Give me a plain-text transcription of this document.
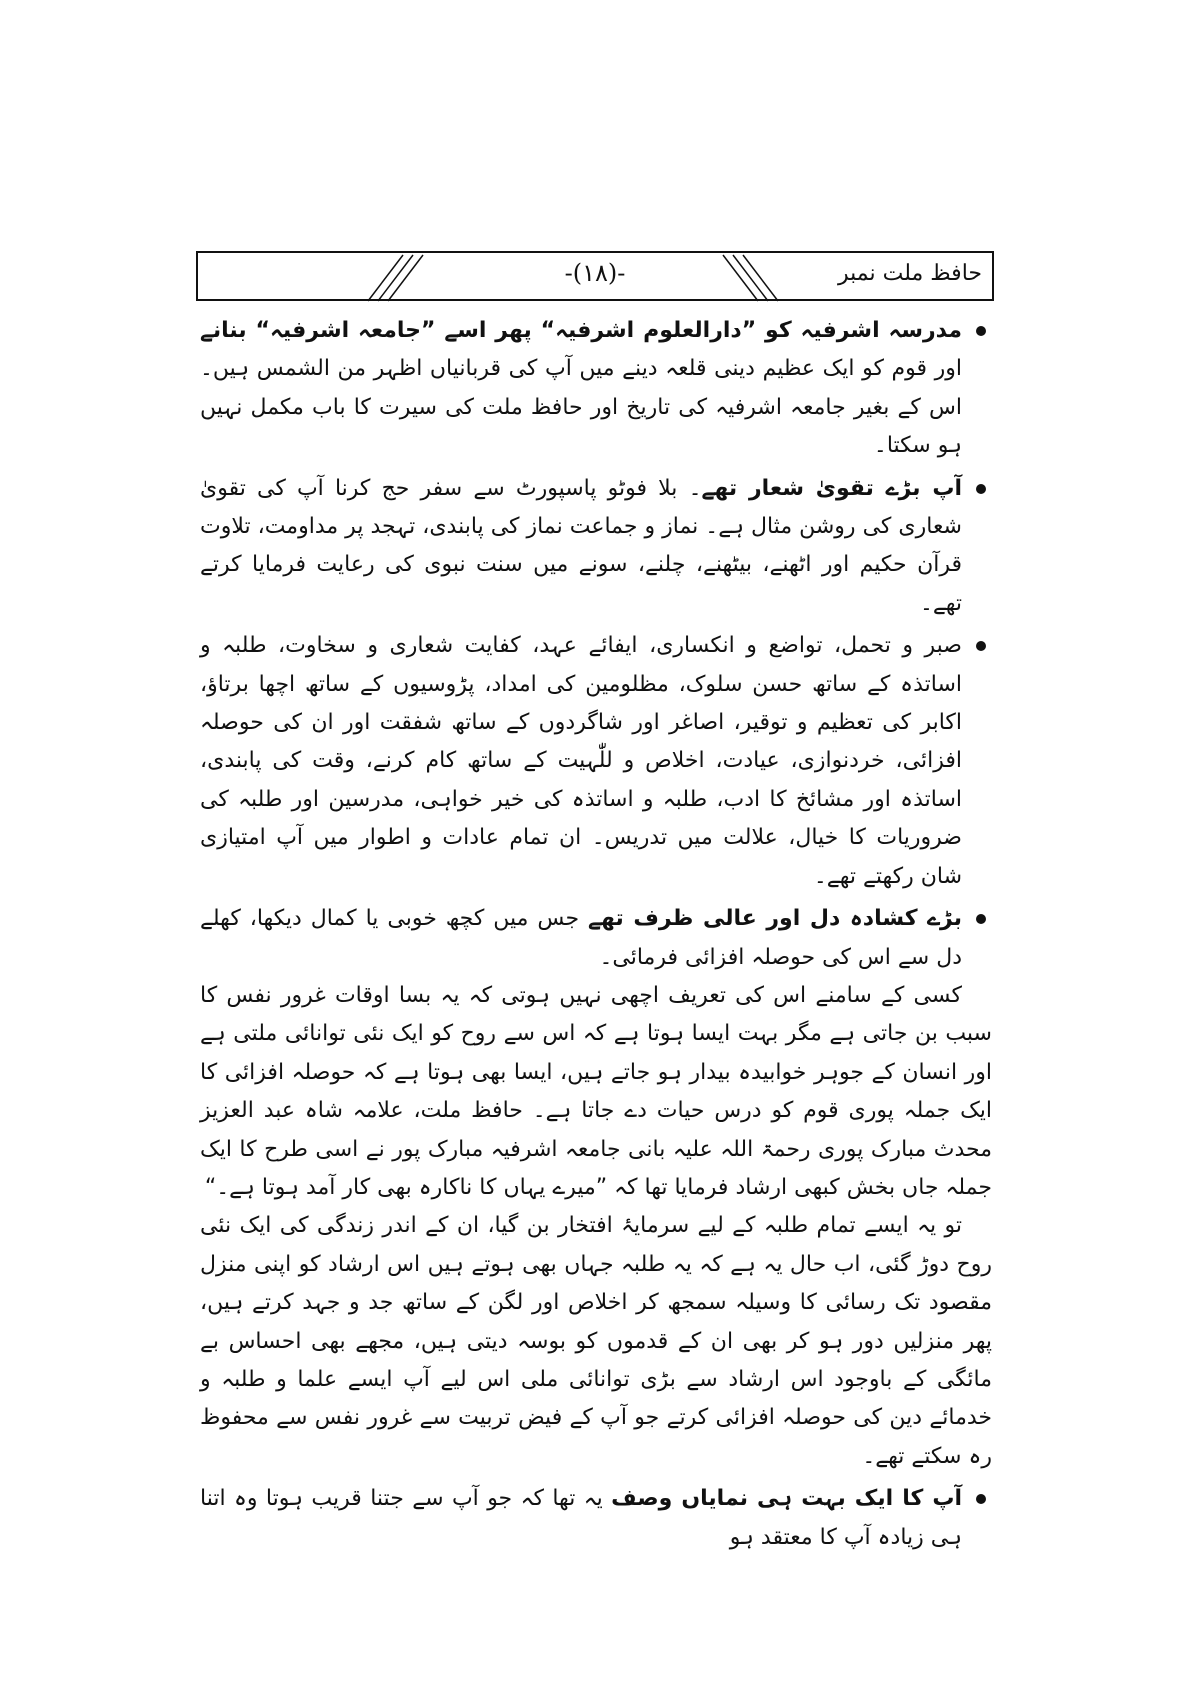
-(۱۸)-	حافظ ملت نمبر

مدرسہ اشرفیہ کو ”دارالعلوم اشرفیہ“ پھر اسے ”جامعہ اشرفیہ“ بنانے اور قوم کو ایک عظیم دینی قلعہ دینے میں آپ کی قربانیاں اظہر من الشمس ہیں۔ اس کے بغیر جامعہ اشرفیہ کی تاریخ اور حافظ ملت کی سیرت کا باب مکمل نہیں ہو سکتا۔

آپ بڑے تقویٰ شعار تھے۔ بلا فوٹو پاسپورٹ سے سفر حج کرنا آپ کی تقویٰ شعاری کی روشن مثال ہے۔ نماز و جماعت نماز کی پابندی، تہجد پر مداومت، تلاوت قرآن حکیم اور اٹھنے، بیٹھنے، چلنے، سونے میں سنت نبوی کی رعایت فرمایا کرتے تھے۔

صبر و تحمل، تواضع و انکساری، ایفائے عہد، کفایت شعاری و سخاوت، طلبہ و اساتذہ کے ساتھ حسن سلوک، مظلومین کی امداد، پڑوسیوں کے ساتھ اچھا برتاؤ، اکابر کی تعظیم و توقیر، اصاغر اور شاگردوں کے ساتھ شفقت اور ان کی حوصلہ افزائی، خردنوازی، عیادت، اخلاص و للّٰہیت کے ساتھ کام کرنے، وقت کی پابندی، اساتذہ اور مشائخ کا ادب، طلبہ و اساتذہ کی خیر خواہی، مدرسین اور طلبہ کی ضروریات کا خیال، علالت میں تدریس۔ ان تمام عادات و اطوار میں آپ امتیازی شان رکھتے تھے۔

بڑے کشادہ دل اور عالی ظرف تھے جس میں کچھ خوبی یا کمال دیکھا، کھلے دل سے اس کی حوصلہ افزائی فرمائی۔

کسی کے سامنے اس کی تعریف اچھی نہیں ہوتی کہ یہ بسا اوقات غرور نفس کا سبب بن جاتی ہے مگر بہت ایسا ہوتا ہے کہ اس سے روح کو ایک نئی توانائی ملتی ہے اور انسان کے جوہر خوابیدہ بیدار ہو جاتے ہیں، ایسا بھی ہوتا ہے کہ حوصلہ افزائی کا ایک جملہ پوری قوم کو درس حیات دے جاتا ہے۔ حافظ ملت، علامہ شاہ عبد العزیز محدث مبارک پوری رحمۃ اللہ علیہ بانی جامعہ اشرفیہ مبارک پور نے اسی طرح کا ایک جملہ جاں بخش کبھی ارشاد فرمایا تھا کہ ”میرے یہاں کا ناکارہ بھی کار آمد ہوتا ہے۔“

تو یہ ایسے تمام طلبہ کے لیے سرمایۂ افتخار بن گیا، ان کے اندر زندگی کی ایک نئی روح دوڑ گئی، اب حال یہ ہے کہ یہ طلبہ جہاں بھی ہوتے ہیں اس ارشاد کو اپنی منزل مقصود تک رسائی کا وسیلہ سمجھ کر اخلاص اور لگن کے ساتھ جد و جہد کرتے ہیں، پھر منزلیں دور ہو کر بھی ان کے قدموں کو بوسہ دیتی ہیں، مجھے بھی احساس بے مائگی کے باوجود اس ارشاد سے بڑی توانائی ملی اس لیے آپ ایسے علما و طلبہ و خدمائے دین کی حوصلہ افزائی کرتے جو آپ کے فیض تربیت سے غرور نفس سے محفوظ رہ سکتے تھے۔

آپ کا ایک بہت ہی نمایاں وصف یہ تھا کہ جو آپ سے جتنا قریب ہوتا وہ اتنا ہی زیادہ آپ کا معتقد ہو
